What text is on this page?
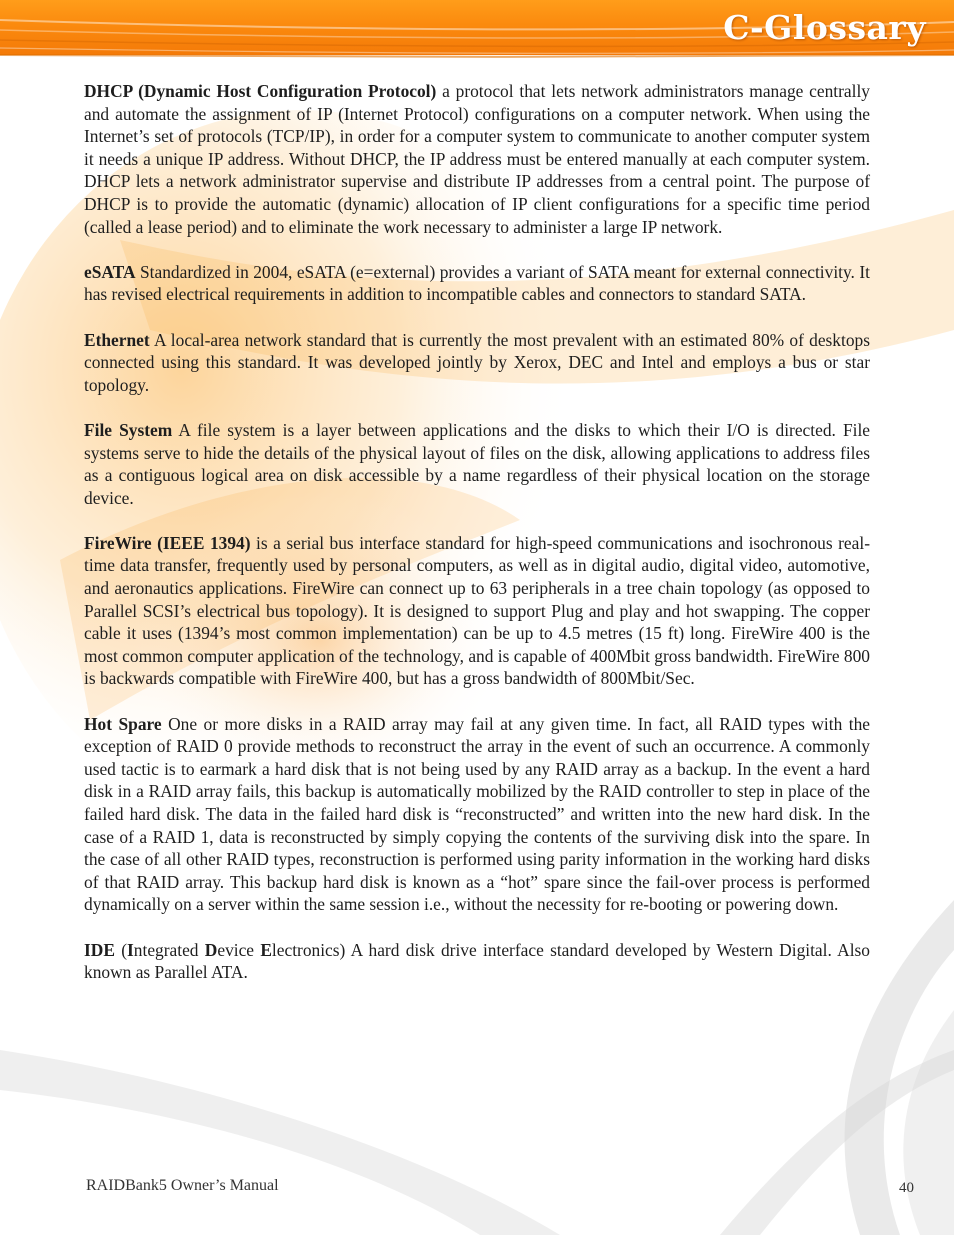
C-Glossary

DHCP (Dynamic Host Configuration Protocol) a protocol that lets network administrators manage centrally and automate the assignment of IP (Internet Protocol) configurations on a computer network. When using the Internet’s set of protocols (TCP/IP), in order for a computer system to communicate to another computer system it needs a unique IP address. Without DHCP, the IP address must be entered manually at each computer system. DHCP lets a network administrator supervise and distribute IP addresses from a central point. The purpose of DHCP is to provide the automatic (dynamic) allocation of IP client configurations for a specific time period (called a lease period) and to eliminate the work necessary to administer a large IP network.

eSATA Standardized in 2004, eSATA (e=external) provides a variant of SATA meant for external connectivity. It has revised electrical requirements in addition to incompatible cables and connectors to standard SATA.

Ethernet A local-area network standard that is currently the most prevalent with an estimated 80% of desktops connected using this standard. It was developed jointly by Xerox, DEC and Intel and employs a bus or star topology.

File System A file system is a layer between applications and the disks to which their I/O is directed. File systems serve to hide the details of the physical layout of files on the disk, allowing applications to address files as a contiguous logical area on disk accessible by a name regardless of their physical location on the storage device.

FireWire (IEEE 1394) is a serial bus interface standard for high-speed communications and isochronous real-time data transfer, frequently used by personal computers, as well as in digital audio, digital video, automotive, and aeronautics applications. FireWire can connect up to 63 peripherals in a tree chain topology (as opposed to Parallel SCSI’s electrical bus topology). It is designed to support Plug and play and hot swapping. The copper cable it uses (1394’s most common implementation) can be up to 4.5 metres (15 ft) long. FireWire 400 is the most common computer application of the technology, and is capable of 400Mbit gross bandwidth. FireWire 800 is backwards compatible with FireWire 400, but has a gross bandwidth of 800Mbit/Sec.

Hot Spare One or more disks in a RAID array may fail at any given time. In fact, all RAID types with the exception of RAID 0 provide methods to reconstruct the array in the event of such an occurrence. A commonly used tactic is to earmark a hard disk that is not being used by any RAID array as a backup. In the event a hard disk in a RAID array fails, this backup is automatically mobilized by the RAID controller to step in place of the failed hard disk. The data in the failed hard disk is “reconstructed” and written into the new hard disk. In the case of a RAID 1, data is reconstructed by simply copying the contents of the surviving disk into the spare. In the case of all other RAID types, reconstruction is performed using parity information in the working hard disks of that RAID array. This backup hard disk is known as a “hot” spare since the fail-over process is performed dynamically on a server within the same session i.e., without the necessity for re-booting or powering down.

IDE (Integrated Device Electronics) A hard disk drive interface standard developed by Western Digital. Also known as Parallel ATA.

RAIDBank5 Owner’s Manual	40
